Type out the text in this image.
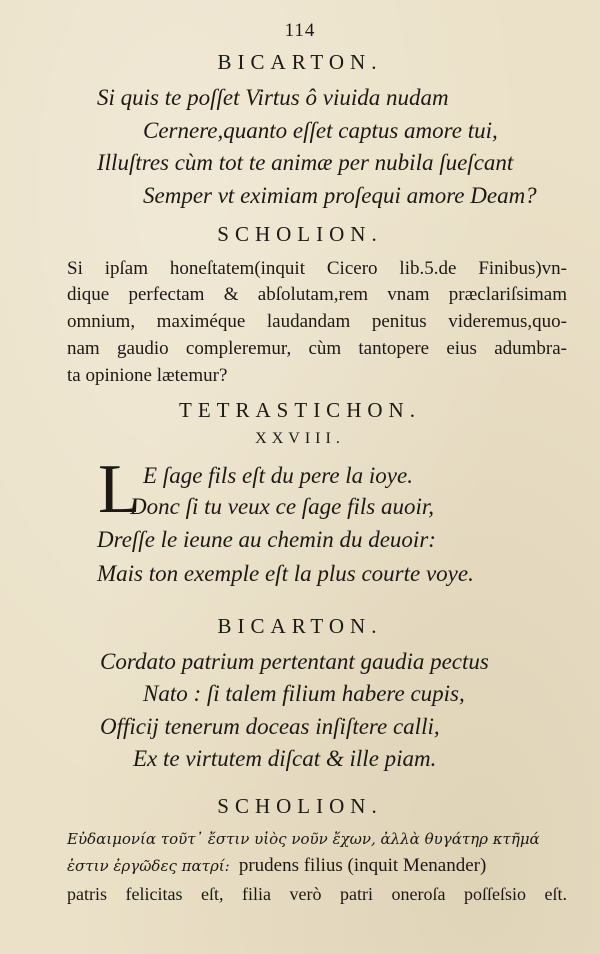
114
BICARTON.
Si quis te poſſet Virtus ô viuida nudam
Cernere,quanto eſſet captus amore tui,
Illuſtres cùm tot te animæ per nubila ſueſcant
Semper vt eximiam proſequi amore Deam?
SCHOLION.
Si ipſam honeſtatem(inquit Cicero lib.5.de Finibus)vn-
dique perfectam & abſolutam,rem vnam præclariſsimam
omnium, maximéque laudandam penitus videremus,quo-
nam gaudio compleremur, cùm tantopere eius adumbra-
ta opinione lætemur?
TETRASTICHON.
XXVIII.
L E ſage fils eſt du pere la ioye.
Donc ſi tu veux ce ſage fils auoir,
Dreſſe le ieune au chemin du deuoir:
Mais ton exemple eſt la plus courte voye.
BICARTON.
Cordato patrium pertentant gaudia pectus
Nato : ſi talem filium habere cupis,
Officij tenerum doceas inſiſtere calli,
Ex te virtutem diſcat & ille piam.
SCHOLION.
Εὐδαιμονία τοῦτ᾽ ἔστιν υἱὸς νοῦν ἔχων, ἀλλὰ θυγάτηρ κτῆμά
ἐστιν ἐργῶδες πατρί: prudens filius (inquit Menander)
patris felicitas eſt, filia verò patri oneroſa poſſeſsio eſt.
